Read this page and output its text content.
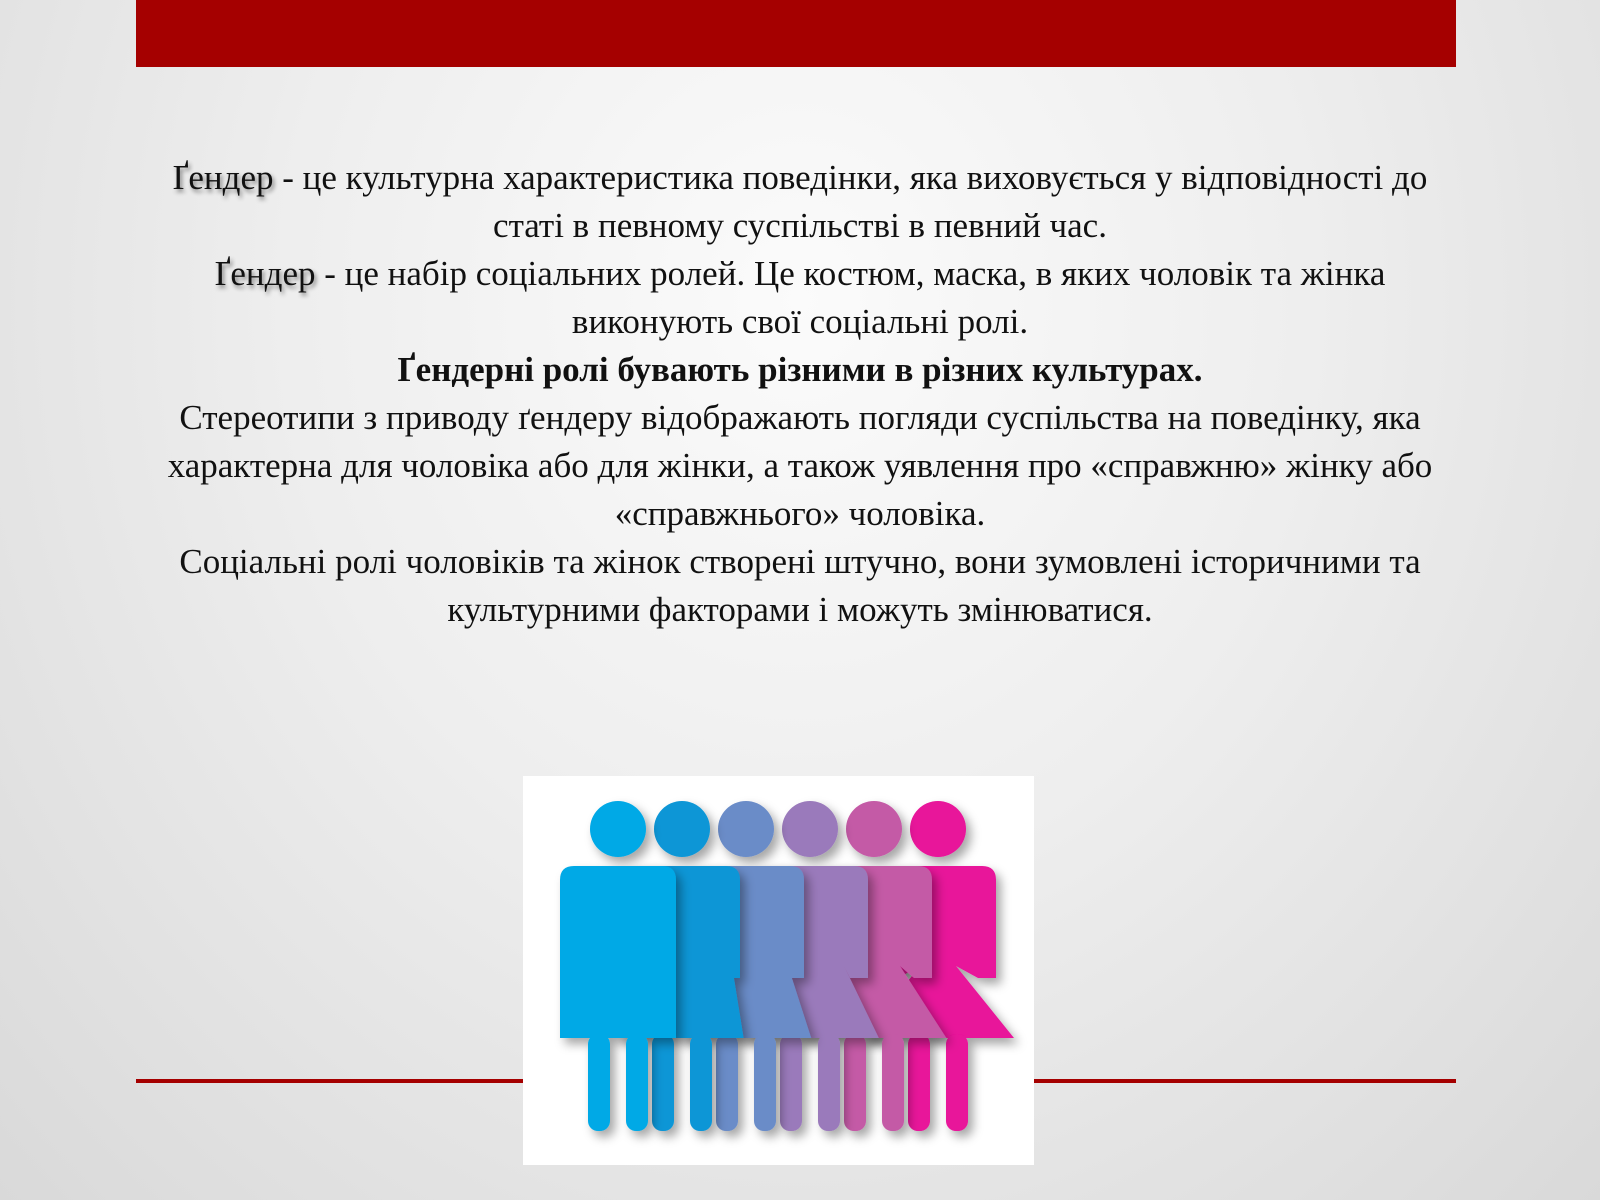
Ґендер - це культурна характеристика поведінки, яка виховується у відповідності до статі в певному суспільстві в певний час.

Ґендер - це набір соціальних ролей. Це костюм, маска, в яких чоловік та жінка виконують свої соціальні ролі.

Ґендерні ролі бувають різними в різних культурах.

Стереотипи з приводу ґендеру відображають погляди суспільства на поведінку, яка характерна для чоловіка або для жінки, а також уявлення про «справжню» жінку або «справжнього» чоловіка.

Соціальні ролі чоловіків та жінок створені штучно, вони зумовлені історичними та культурними факторами і можуть змінюватися.
